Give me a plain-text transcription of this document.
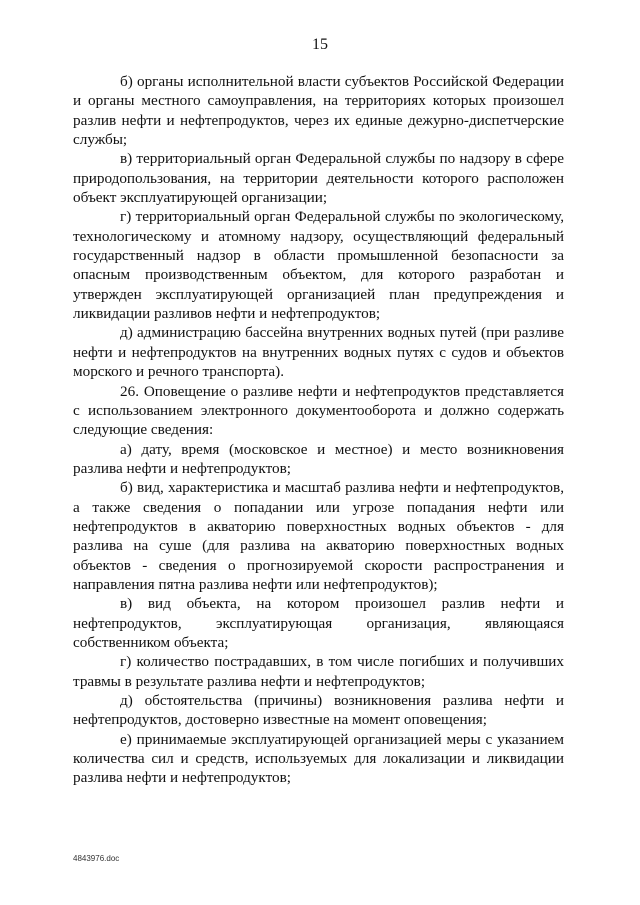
15

б) органы исполнительной власти субъектов Российской Федерации и органы местного самоуправления, на территориях которых произошел разлив нефти и нефтепродуктов, через их единые дежурно-диспетчерские службы;

в) территориальный орган Федеральной службы по надзору в сфере природопользования, на территории деятельности которого расположен объект эксплуатирующей организации;

г) территориальный орган Федеральной службы по экологическому, технологическому и атомному надзору, осуществляющий федеральный государственный надзор в области промышленной безопасности за опасным производственным объектом, для которого разработан и утвержден эксплуатирующей организацией план предупреждения и ликвидации разливов нефти и нефтепродуктов;

д) администрацию бассейна внутренних водных путей (при разливе нефти и нефтепродуктов на внутренних водных путях с судов и объектов морского и речного транспорта).

26. Оповещение о разливе нефти и нефтепродуктов представляется с использованием электронного документооборота и должно содержать следующие сведения:

а) дату, время (московское и местное) и место возникновения разлива нефти и нефтепродуктов;

б) вид, характеристика и масштаб разлива нефти и нефтепродуктов, а также сведения о попадании или угрозе попадания нефти или нефтепродуктов в акваторию поверхностных водных объектов - для разлива на суше (для разлива на акваторию поверхностных водных объектов - сведения о прогнозируемой скорости распространения и направления пятна разлива нефти или нефтепродуктов);

в) вид объекта, на котором произошел разлив нефти и нефтепродуктов, эксплуатирующая организация, являющаяся собственником объекта;

г) количество пострадавших, в том числе погибших и получивших травмы в результате разлива нефти и нефтепродуктов;

д) обстоятельства (причины) возникновения разлива нефти и нефтепродуктов, достоверно известные на момент оповещения;

е) принимаемые эксплуатирующей организацией меры с указанием количества сил и средств, используемых для локализации и ликвидации разлива нефти и нефтепродуктов;

4843976.doc
